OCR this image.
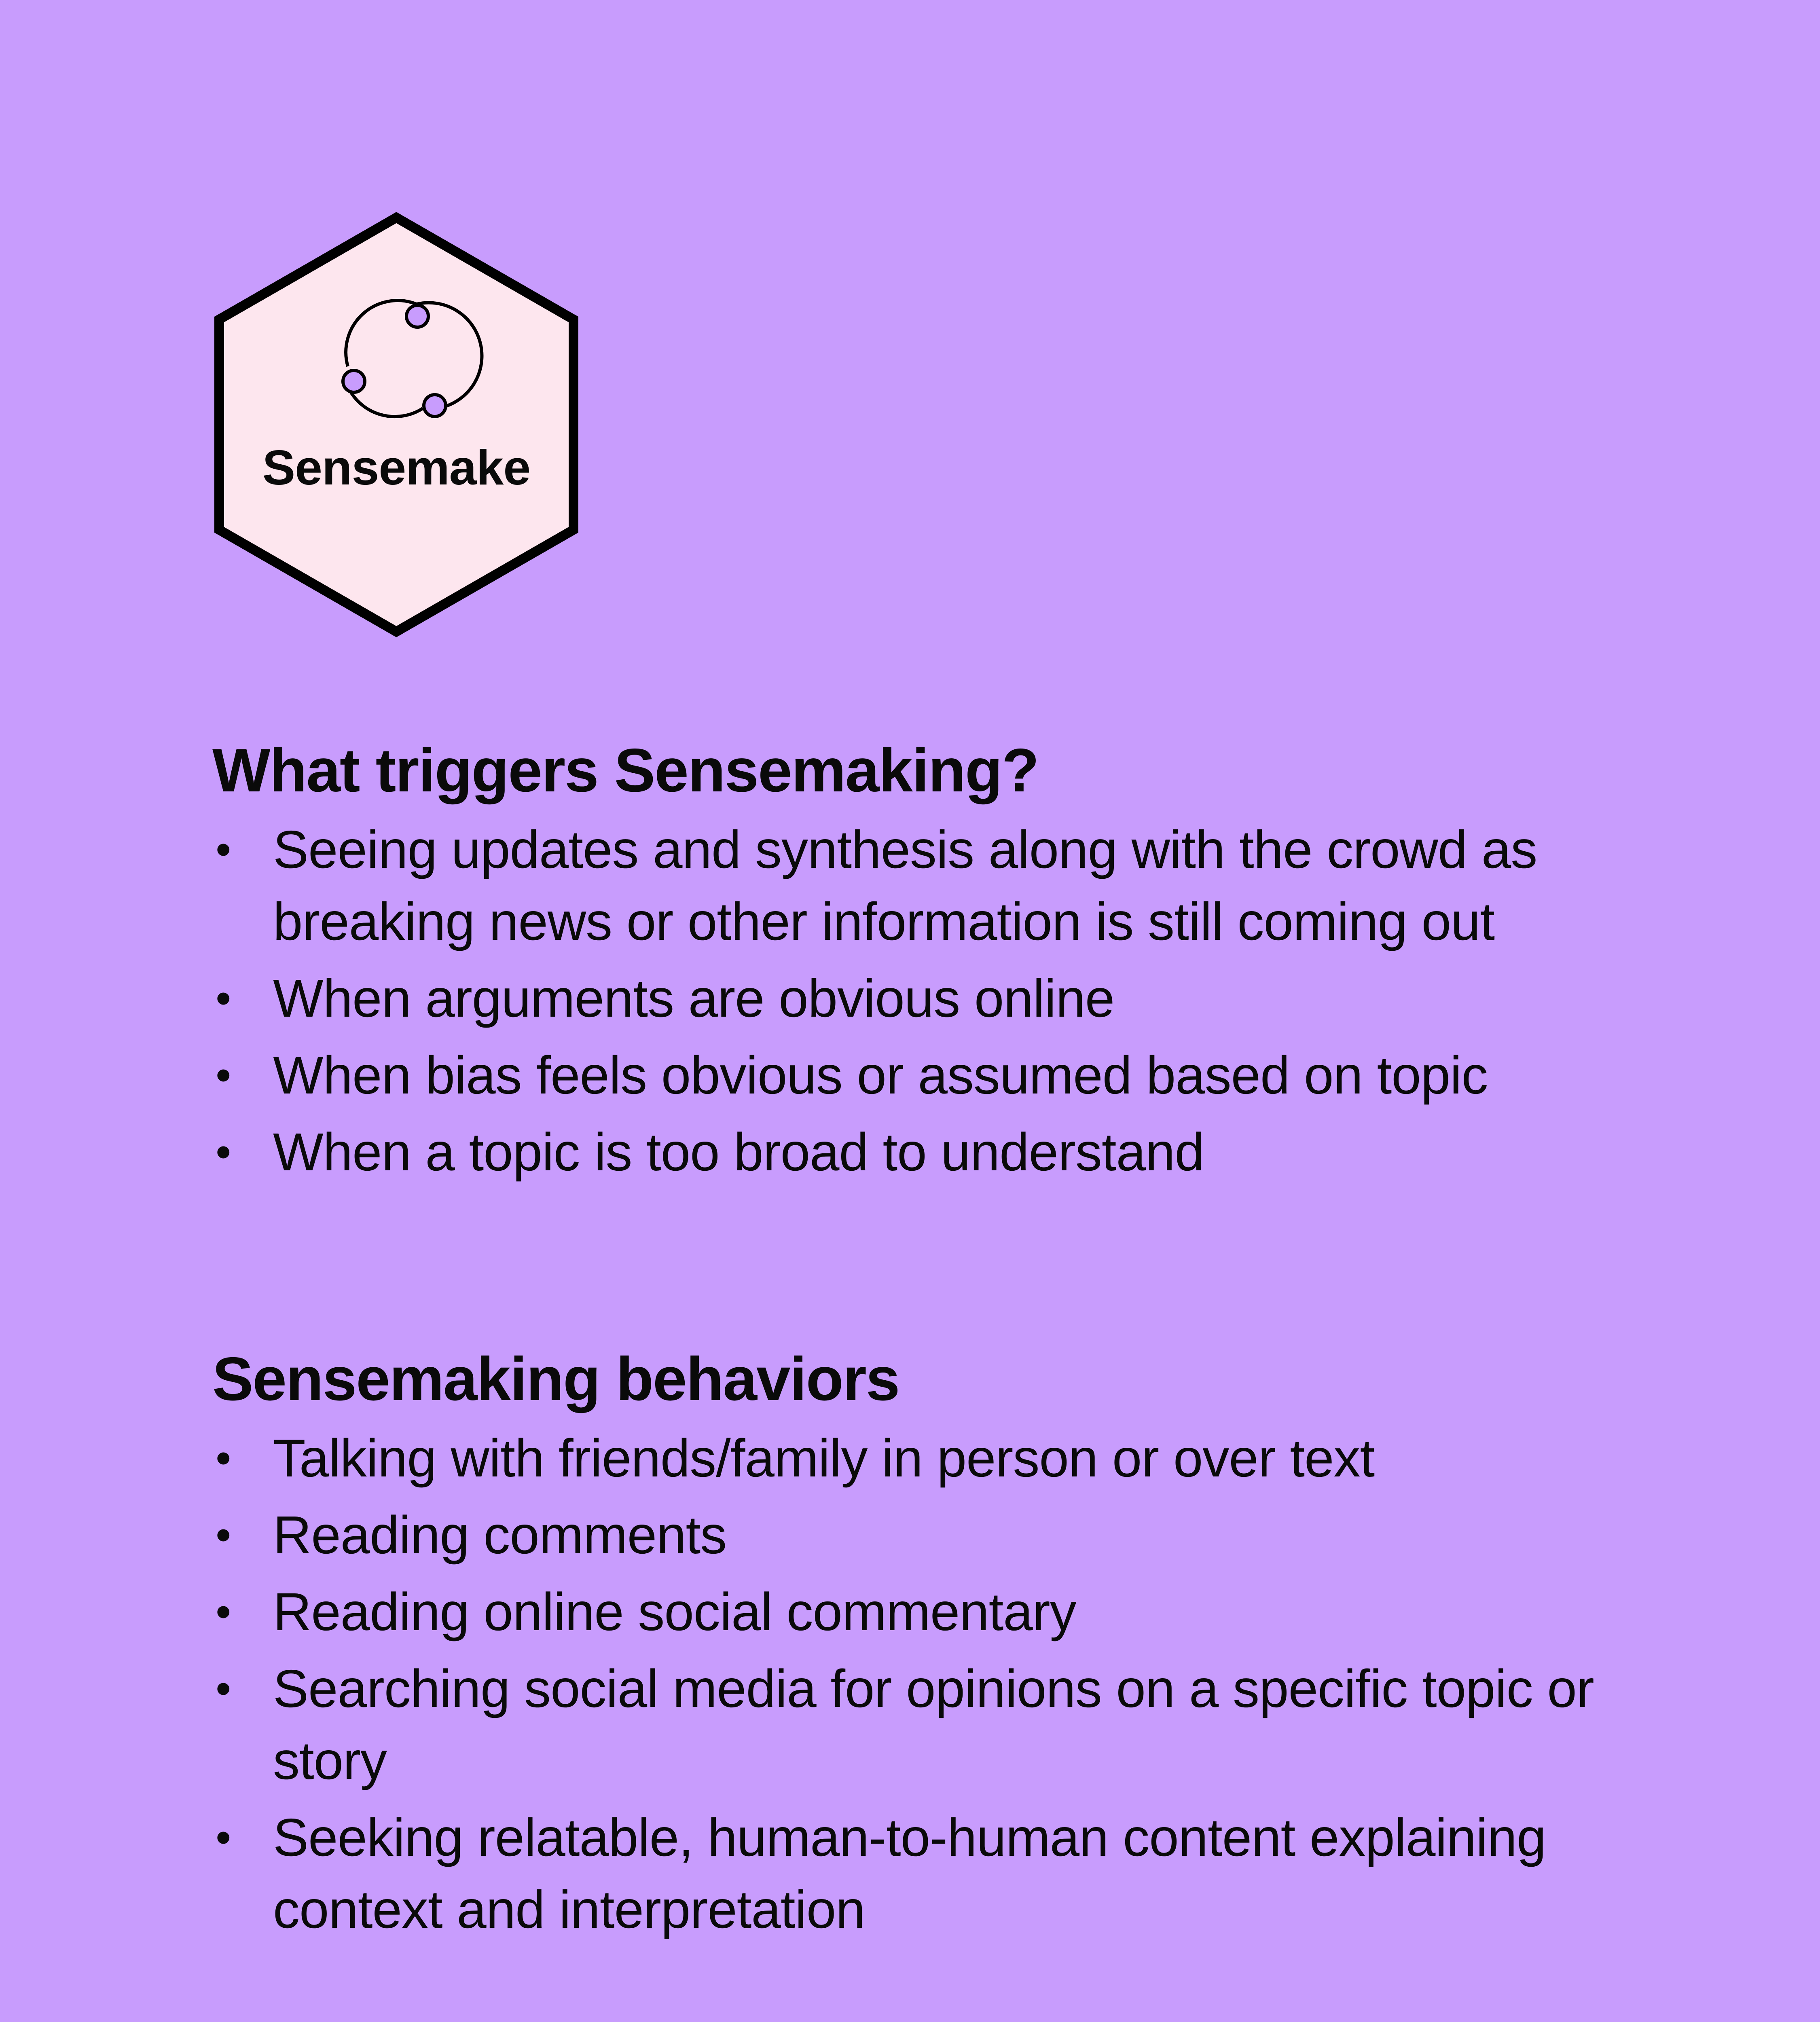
Sensemake
What triggers Sensemaking?
• Seeing updates and synthesis along with the crowd as breaking news or other information is still coming out
• When arguments are obvious online
• When bias feels obvious or assumed based on topic
• When a topic is too broad to understand
Sensemaking behaviors
• Talking with friends/family in person or over text
• Reading comments
• Reading online social commentary
• Searching social media for opinions on a specific topic or story
• Seeking relatable, human-to-human content explaining context and interpretation
